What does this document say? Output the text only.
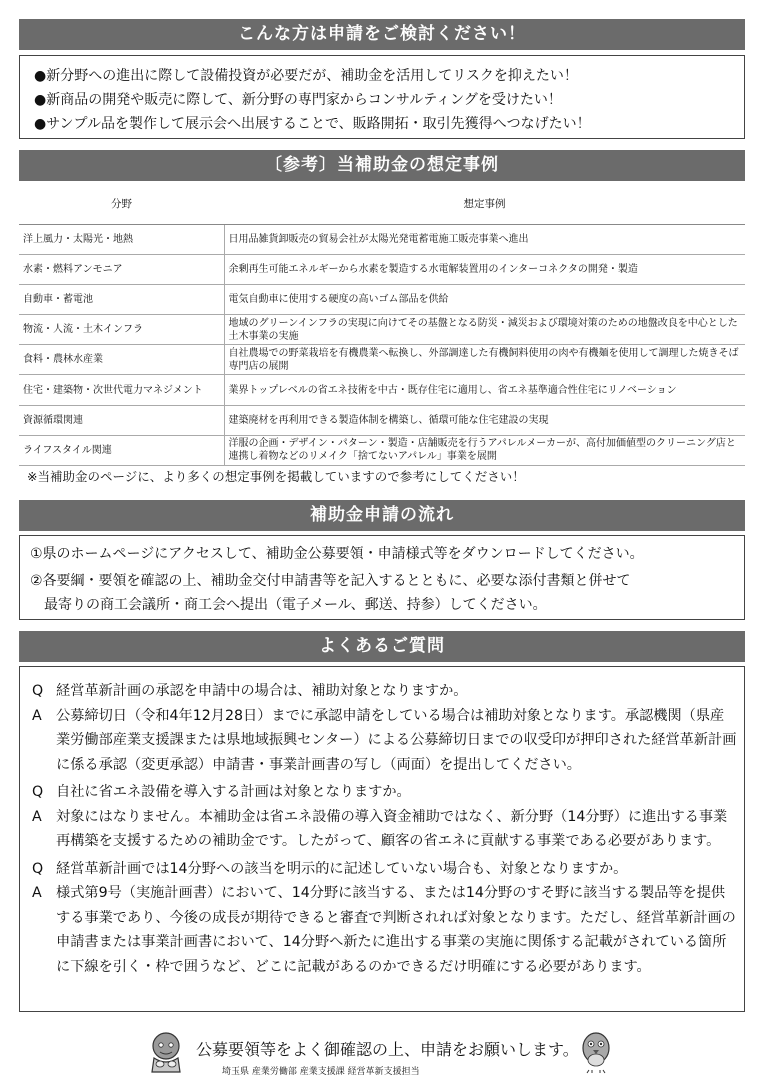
こんな方は申請をご検討ください！
●新分野への進出に際して設備投資が必要だが、補助金を活用してリスクを抑えたい！
●新商品の開発や販売に際して、新分野の専門家からコンサルティングを受けたい！
●サンプル品を製作して展示会へ出展することで、販路開拓・取引先獲得へつなげたい！
〔参考〕当補助金の想定事例
分野	想定事例
洋上風力・太陽光・地熱	日用品雑貨卸販売の貿易会社が太陽光発電蓄電施工販売事業へ進出
水素・燃料アンモニア	余剰再生可能エネルギーから水素を製造する水電解装置用のインターコネクタの開発・製造
自動車・蓄電池	電気自動車に使用する硬度の高いゴム部品を供給
物流・人流・土木インフラ	地域のグリーンインフラの実現に向けてその基盤となる防災・減災および環境対策のための地盤改良を中心とした土木事業の実施
食料・農林水産業	自社農場での野菜栽培を有機農業へ転換し、外部調達した有機飼料使用の肉や有機麺を使用して調理した焼きそば専門店の展開
住宅・建築物・次世代電力マネジメント	業界トップレベルの省エネ技術を中古・既存住宅に適用し、省エネ基準適合性住宅にリノベーション
資源循環関連	建築廃材を再利用できる製造体制を構築し、循環可能な住宅建設の実現
ライフスタイル関連	洋服の企画・デザイン・パターン・製造・店舗販売を行うアパレルメーカーが、高付加価値型のクリーニング店と連携し着物などのリメイク「捨てないアパレル」事業を展開
※当補助金のページに、より多くの想定事例を掲載していますので参考にしてください！
補助金申請の流れ
①県のホームページにアクセスして、補助金公募要領・申請様式等をダウンロードしてください。
②各要綱・要領を確認の上、補助金交付申請書等を記入するとともに、必要な添付書類と併せて
　最寄りの商工会議所・商工会へ提出（電子メール、郵送、持参）してください。
よくあるご質問
Q 経営革新計画の承認を申請中の場合は、補助対象となりますか。
A	公募締切日（令和4年12月28日）までに承認申請をしている場合は補助対象となります。承認機関（県産業労働部産業支援課または県地域振興センター）による公募締切日までの収受印が押印された経営革新計画に係る承認（変更承認）申請書・事業計画書の写し（両面）を提出してください。
Q 自社に省エネ設備を導入する計画は対象となりますか。
A	対象にはなりません。本補助金は省エネ設備の導入資金補助ではなく、新分野（14分野）に進出する事業再構築を支援するための補助金です。したがって、顧客の省エネに貢献する事業である必要があります。
Q 経営革新計画では14分野への該当を明示的に記述していない場合も、対象となりますか。
A	様式第9号（実施計画書）において、14分野に該当する、または14分野のすそ野に該当する製品等を提供する事業であり、今後の成長が期待できると審査で判断されれば対象となります。ただし、経営革新計画の申請書または事業計画書において、14分野へ新たに進出する事業の実施に関係する記載がされている箇所に下線を引く・枠で囲うなど、どこに記載があるのかできるだけ明確にする必要があります。
公募要領等をよく御確認の上、申請をお願いします。
埼玉県 産業労働部 産業支援課 経営革新支援担当
